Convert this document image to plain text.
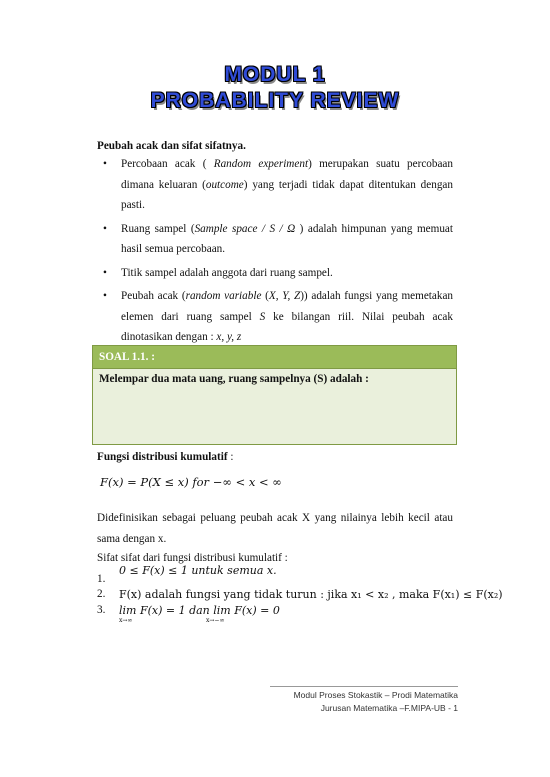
MODUL 1
PROBABILITY REVIEW
Peubah acak dan sifat sifatnya.
• Percobaan acak ( Random experiment) merupakan suatu percobaan dimana keluaran (outcome) yang terjadi tidak dapat ditentukan dengan pasti.
• Ruang sampel (Sample space / S / Ω ) adalah himpunan yang memuat hasil semua percobaan.
• Titik sampel adalah anggota dari ruang sampel.
• Peubah acak (random variable (X, Y, Z)) adalah fungsi yang memetakan elemen dari ruang sampel S ke bilangan riil. Nilai peubah acak dinotasikan dengan : x, y, z
SOAL 1.1. :
Melempar dua mata uang, ruang sampelnya (S) adalah :
Fungsi distribusi kumulatif :
F(x) = P(X ≤ x) for −∞ < x < ∞
Didefinisikan sebagai peluang peubah acak X yang nilainya lebih kecil atau sama dengan x.
Sifat sifat dari fungsi distribusi kumulatif :
1.
0 ≤ F(x) ≤ 1 untuk semua x.
2. F(x) adalah fungsi yang tidak turun : jika x₁ < x₂ , maka F(x₁) ≤ F(x₂)
3. lim F(x) = 1 dan lim F(x) = 0
x→∞	x→−∞
Modul Proses Stokastik – Prodi Matematika
Jurusan Matematika –F.MIPA-UB - 1
